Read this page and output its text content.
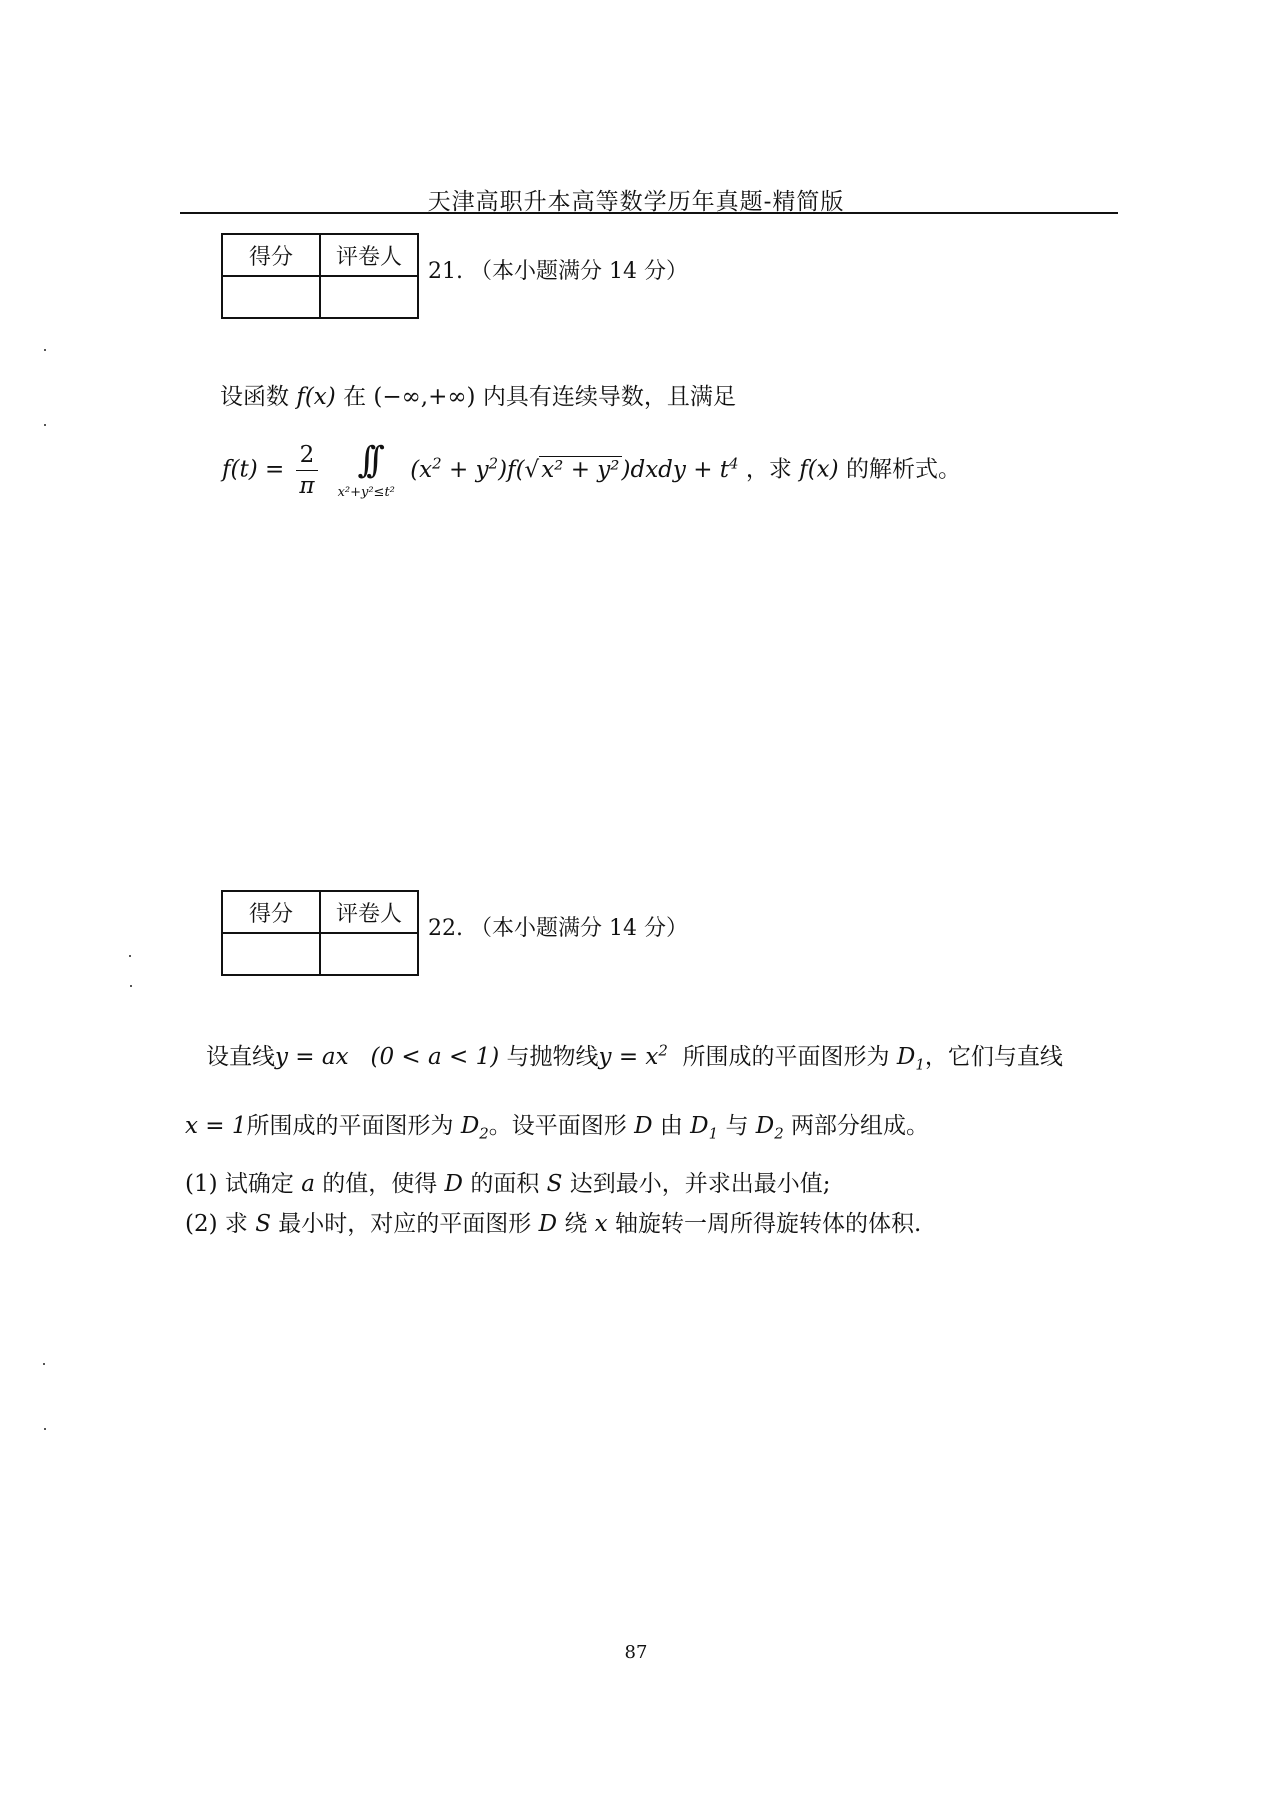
天津高职升本高等数学历年真题-精简版
得分	评卷人

21. （本小题满分 14 分）
设函数 f(x) 在 (−∞,+∞) 内具有连续导数，且满足
$f(t) = \frac{2}{\pi}$
	∫∫
x²+y²≤t²
$(x^2 + y^2)f(√x^2$ + y²)dxdy + $t^4$ ，求 f(x) 的解析式。
得分	评卷人

22. （本小题满分 14 分）
设直线y = ax (0 < a < 1) 与抛物线$y = x^2$ 所围成的平面图形为 $D_1$，它们与直线
x = 1所围成的平面图形为 $D_2$。设平面图形 D 由 $D_1$ 与 $D_2$ 两部分组成。
(1) 试确定 a 的值，使得 D 的面积 S 达到最小，并求出最小值;
(2) 求 S 最小时，对应的平面图形 D 绕 x 轴旋转一周所得旋转体的体积.
87
